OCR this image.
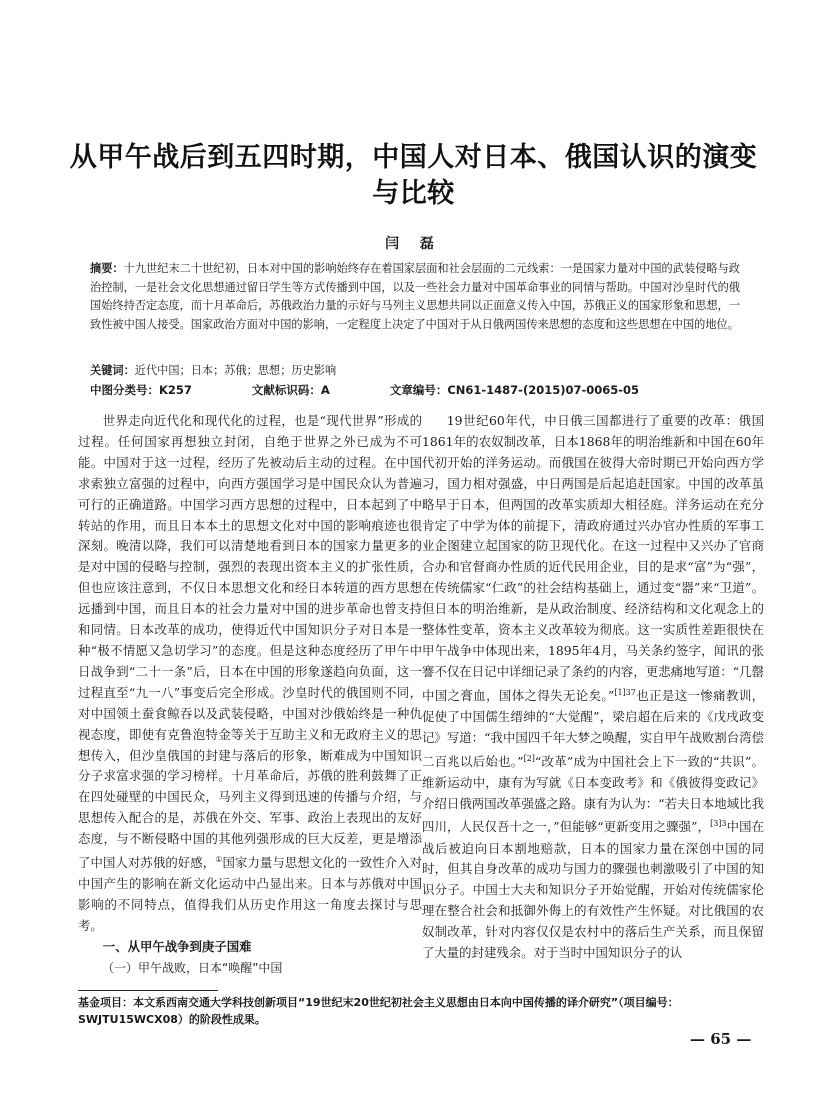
从甲午战后到五四时期，中国人对日本、俄国认识的演变与比较
闫 磊
摘要：十九世纪末二十世纪初，日本对中国的影响始终存在着国家层面和社会层面的二元线索：一是国家力量对中国的武装侵略与政治控制，一是社会文化思想通过留日学生等方式传播到中国，以及一些社会力量对中国革命事业的同情与帮助。中国对沙皇时代的俄国始终持否定态度，而十月革命后，苏俄政治力量的示好与马列主义思想共同以正面意义传入中国，苏俄正义的国家形象和思想，一致性被中国人接受。国家政治方面对中国的影响，一定程度上决定了中国对于从日俄两国传来思想的态度和这些思想在中国的地位。
关键词：近代中国；日本；苏俄；思想；历史影响
中图分类号：K257	文献标识码：A	文章编号：CN61-1487-(2015)07-0065-05

世界走向近代化和现代化的过程，也是“现代世界”形成的过程。任何国家再想独立封闭，自绝于世界之外已成为不可能。中国对于这一过程，经历了先被动后主动的过程。在中国求索独立富强的过程中，向西方强国学习是中国民众认为普遍可行的正确道路。中国学习西方思想的过程中，日本起到了中转站的作用，而且日本本土的思想文化对中国的影响痕迹也很深刻。晚清以降，我们可以清楚地看到日本的国家力量更多的是对中国的侵略与控制，强烈的表现出资本主义的扩张性质，但也应该注意到，不仅日本思想文化和经日本转道的西方思想远播到中国，而且日本的社会力量对中国的进步革命也曾支持和同情。日本改革的成功，使得近代中国知识分子对日本是一种“极不情愿又急切学习”的态度。但是这种态度经历了甲午中日战争到“二十一条”后，日本在中国的形象遂趋向负面，这一过程直至“九一八”事变后完全形成。沙皇时代的俄国则不同，对中国领土蚕食鲸吞以及武装侵略，中国对沙俄始终是一种仇视态度，即使有克鲁泡特金等关于互助主义和无政府主义的思想传入，但沙皇俄国的封建与落后的形象，断难成为中国知识分子求富求强的学习榜样。十月革命后，苏俄的胜利鼓舞了正在四处碰壁的中国民众，马列主义得到迅速的传播与介绍，与思想传入配合的是，苏俄在外交、军事、政治上表现出的友好态度，与不断侵略中国的其他列强形成的巨大反差，更是增添了中国人对苏俄的好感，①国家力量与思想文化的一致性介入对中国产生的影响在新文化运动中凸显出来。日本与苏俄对中国影响的不同特点，值得我们从历史作用这一角度去探讨与思考。

一、从甲午战争到庚子国难

（一）甲午战败，日本“唤醒”中国

19世纪60年代，中日俄三国都进行了重要的改革：俄国1861年的农奴制改革，日本1868年的明治维新和中国在60年代初开始的洋务运动。而俄国在彼得大帝时期已开始向西方学习，国力相对强盛，中日两国是后起追赶国家。中国的改革虽略早于日本，但两国的改革实质却大相径庭。洋务运动在充分肯定了中学为体的前提下，清政府通过兴办官办性质的军事工业企图建立起国家的防卫现代化。在这一过程中又兴办了官商合办和官督商办性质的近代民用企业，目的是求“富”为“强”，在传统儒家“仁政”的社会结构基础上，通过变“器”来“卫道”。但日本的明治维新，是从政治制度、经济结构和文化观念上的整体性变革，资本主义改革较为彻底。这一实质性差距很快在甲午战争中体现出来，1895年4月，马关条约签字，闻讯的张謇不仅在日记中详细记录了条约的内容，更悲痛地写道：“几罄中国之膏血，国体之得失无论矣。”$^{[1]37}$也正是这一惨痛教训，促使了中国儒生缙绅的“大觉醒”，梁启超在后来的《戊戌政变记》写道：“我中国四千年大梦之唤醒，实自甲午战败割台湾偿二百兆以后始也。”[2]“改革”成为中国社会上下一致的“共识”。维新运动中，康有为写就《日本变政考》和《俄彼得变政记》介绍日俄两国改革强盛之路。康有为认为：“若夫日本地域比我四川，人民仅吾十之一，”但能够“更新变用之骤强”，$^{[3]3}$中国在战后被迫向日本割地赔款，日本的国家力量在深创中国的同时，但其自身改革的成功与国力的骤强也刺激吸引了中国的知识分子。中国士大夫和知识分子开始觉醒，开始对传统儒家伦理在整合社会和抵御外侮上的有效性产生怀疑。对比俄国的农奴制改革，针对内容仅仅是农村中的落后生产关系，而且保留了大量的封建残余。对于当时中国知识分子的认

基金项目：本文系西南交通大学科技创新项目“19世纪末20世纪初社会主义思想由日本向中国传播的译介研究”（项目编号：SWJTU15WCX08）的阶段性成果。
— 65 —
